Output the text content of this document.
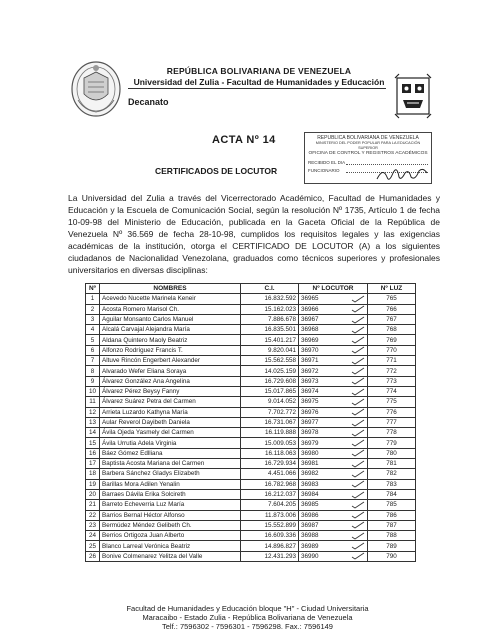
REPÚBLICA BOLIVARIANA DE VENEZUELA
Universidad del Zulia - Facultad de Humanidades y Educación
Decanato
ACTA Nº 14
CERTIFICADOS DE LOCUTOR
REPUBLICA BOLIVARIANA DE VENEZUELA
MINISTERIO DEL PODER POPULAR PARA LA EDUCACIÓN SUPERIOR
OFICINA DE CONTROL Y REGISTROS ACADÉMICOS
RECIBIDO EL DIA
FUNCIONARIO

La Universidad del Zulia a través del Vicerrectorado Académico, Facultad de Humanidades y Educación y la Escuela de Comunicación Social, según la resolución Nº 1735, Artículo 1 de fecha 10-09-98 del Ministerio de Educación, publicada en la Gaceta Oficial de la República de Venezuela Nº 36.569 de fecha 28-10-98, cumplidos los requisitos legales y las exigencias académicas de la institución, otorga el CERTIFICADO DE LOCUTOR (A) a los siguientes ciudadanos de Nacionalidad Venezolana, graduados como técnicos superiores y profesionales universitarios en diversas disciplinas:

Nº	NOMBRES	C.I.	Nº LOCUTOR	Nº LUZ
1	Acevedo Nucette Marinela Keneir	16.832.592	36965	765
2	Acosta Romero Marisol Ch.	15.162.023	36966	766
3	Aguilar Monsanto Carlos Manuel	7.886.678	36967	767
4	Alcalá Carvajal Alejandra María	16.835.501	36968	768
5	Aldana Quintero Maoly Beatriz	15.401.217	36969	769
6	Alfonzo Rodríguez Francis T.	9.820.041	36970	770
7	Altuve Rincón Engerbert Alexander	15.562.558	36971	771
8	Alvarado Wefer Eliana Soraya	14.025.159	36972	772
9	Álvarez González Ana Angelina	16.729.608	36973	773
10	Álvarez Pérez Beysy Fanny	15.017.865	36974	774
11	Álvarez Suárez Petra del Carmen	9.014.052	36975	775
12	Arrieta Luzardo Kathyna María	7.702.772	36976	776
13	Aular Reverol Dayibeth Daniela	16.731.067	36977	777
14	Ávila Ojeda Yasmely del Carmen	16.119.888	36978	778
15	Ávila Urrutia Adela Virginia	15.009.053	36979	779
16	Báez Gómez Edlliana	16.118.063	36980	780
17	Baptista Acosta Mariana del Carmen	16.729.934	36981	781
18	Barbera Sánchez Gladys Elizabeth	4.451.066	36982	782
19	Barillas Mora Adilen Yenalin	16.782.968	36983	783
20	Barraes Dávila Erika Solcireth	16.212.037	36984	784
21	Barreto Echeverria Luz María	7.604.205	36985	785
22	Barrios Bernal Héctor Alfonso	11.873.006	36986	786
23	Bermúdez Méndez Gelibeth Ch.	15.552.899	36987	787
24	Berrios Ortigoza Juan Alberto	16.609.336	36988	788
25	Blanco Larreal Verónica Beatriz	14.896.827	36989	789
26	Bonive Colmenarez Yelitza del Valle	12.431.293	36990	790
Facultad de Humanidades y Educación bloque "H" - Ciudad Universitaria
Maracaibo - Estado Zulia - República Bolivariana de Venezuela
Telf.: 7596302 - 7596301 - 7596298. Fax.: 7596149
